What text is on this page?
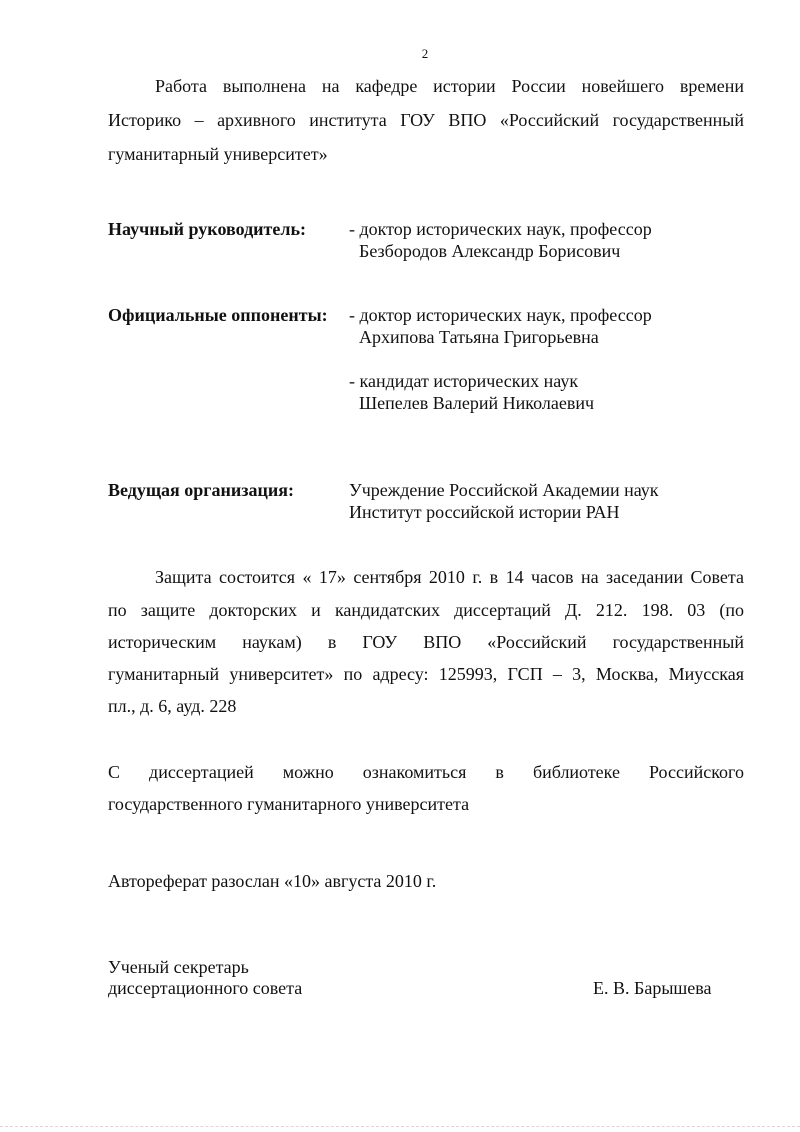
2

Работа выполнена на кафедре истории России новейшего времени

Историко – архивного института ГОУ ВПО «Российский государственный

гуманитарный университет»

Научный руководитель: - доктор исторических наук, профессор

Безбородов Александр Борисович

Официальные оппоненты: - доктор исторических наук, профессор

Архипова Татьяна Григорьевна

- кандидат исторических наук

Шепелев Валерий Николаевич

Ведущая организация:	Учреждение Российской Академии наук

Институт российской истории РАН

Защита состоится « 17» сентября 2010 г. в 14 часов на заседании Совета

по защите докторских и кандидатских диссертаций Д. 212. 198. 03 (по

историческим наукам) в ГОУ ВПО «Российский государственный

гуманитарный университет» по адресу: 125993, ГСП – 3, Москва, Миусская

пл., д. 6, ауд. 228

С диссертацией можно ознакомиться в библиотеке Российского

государственного гуманитарного университета

Автореферат разослан «10» августа 2010 г.

Ученый секретарь

диссертационного совета	Е. В. Барышева
